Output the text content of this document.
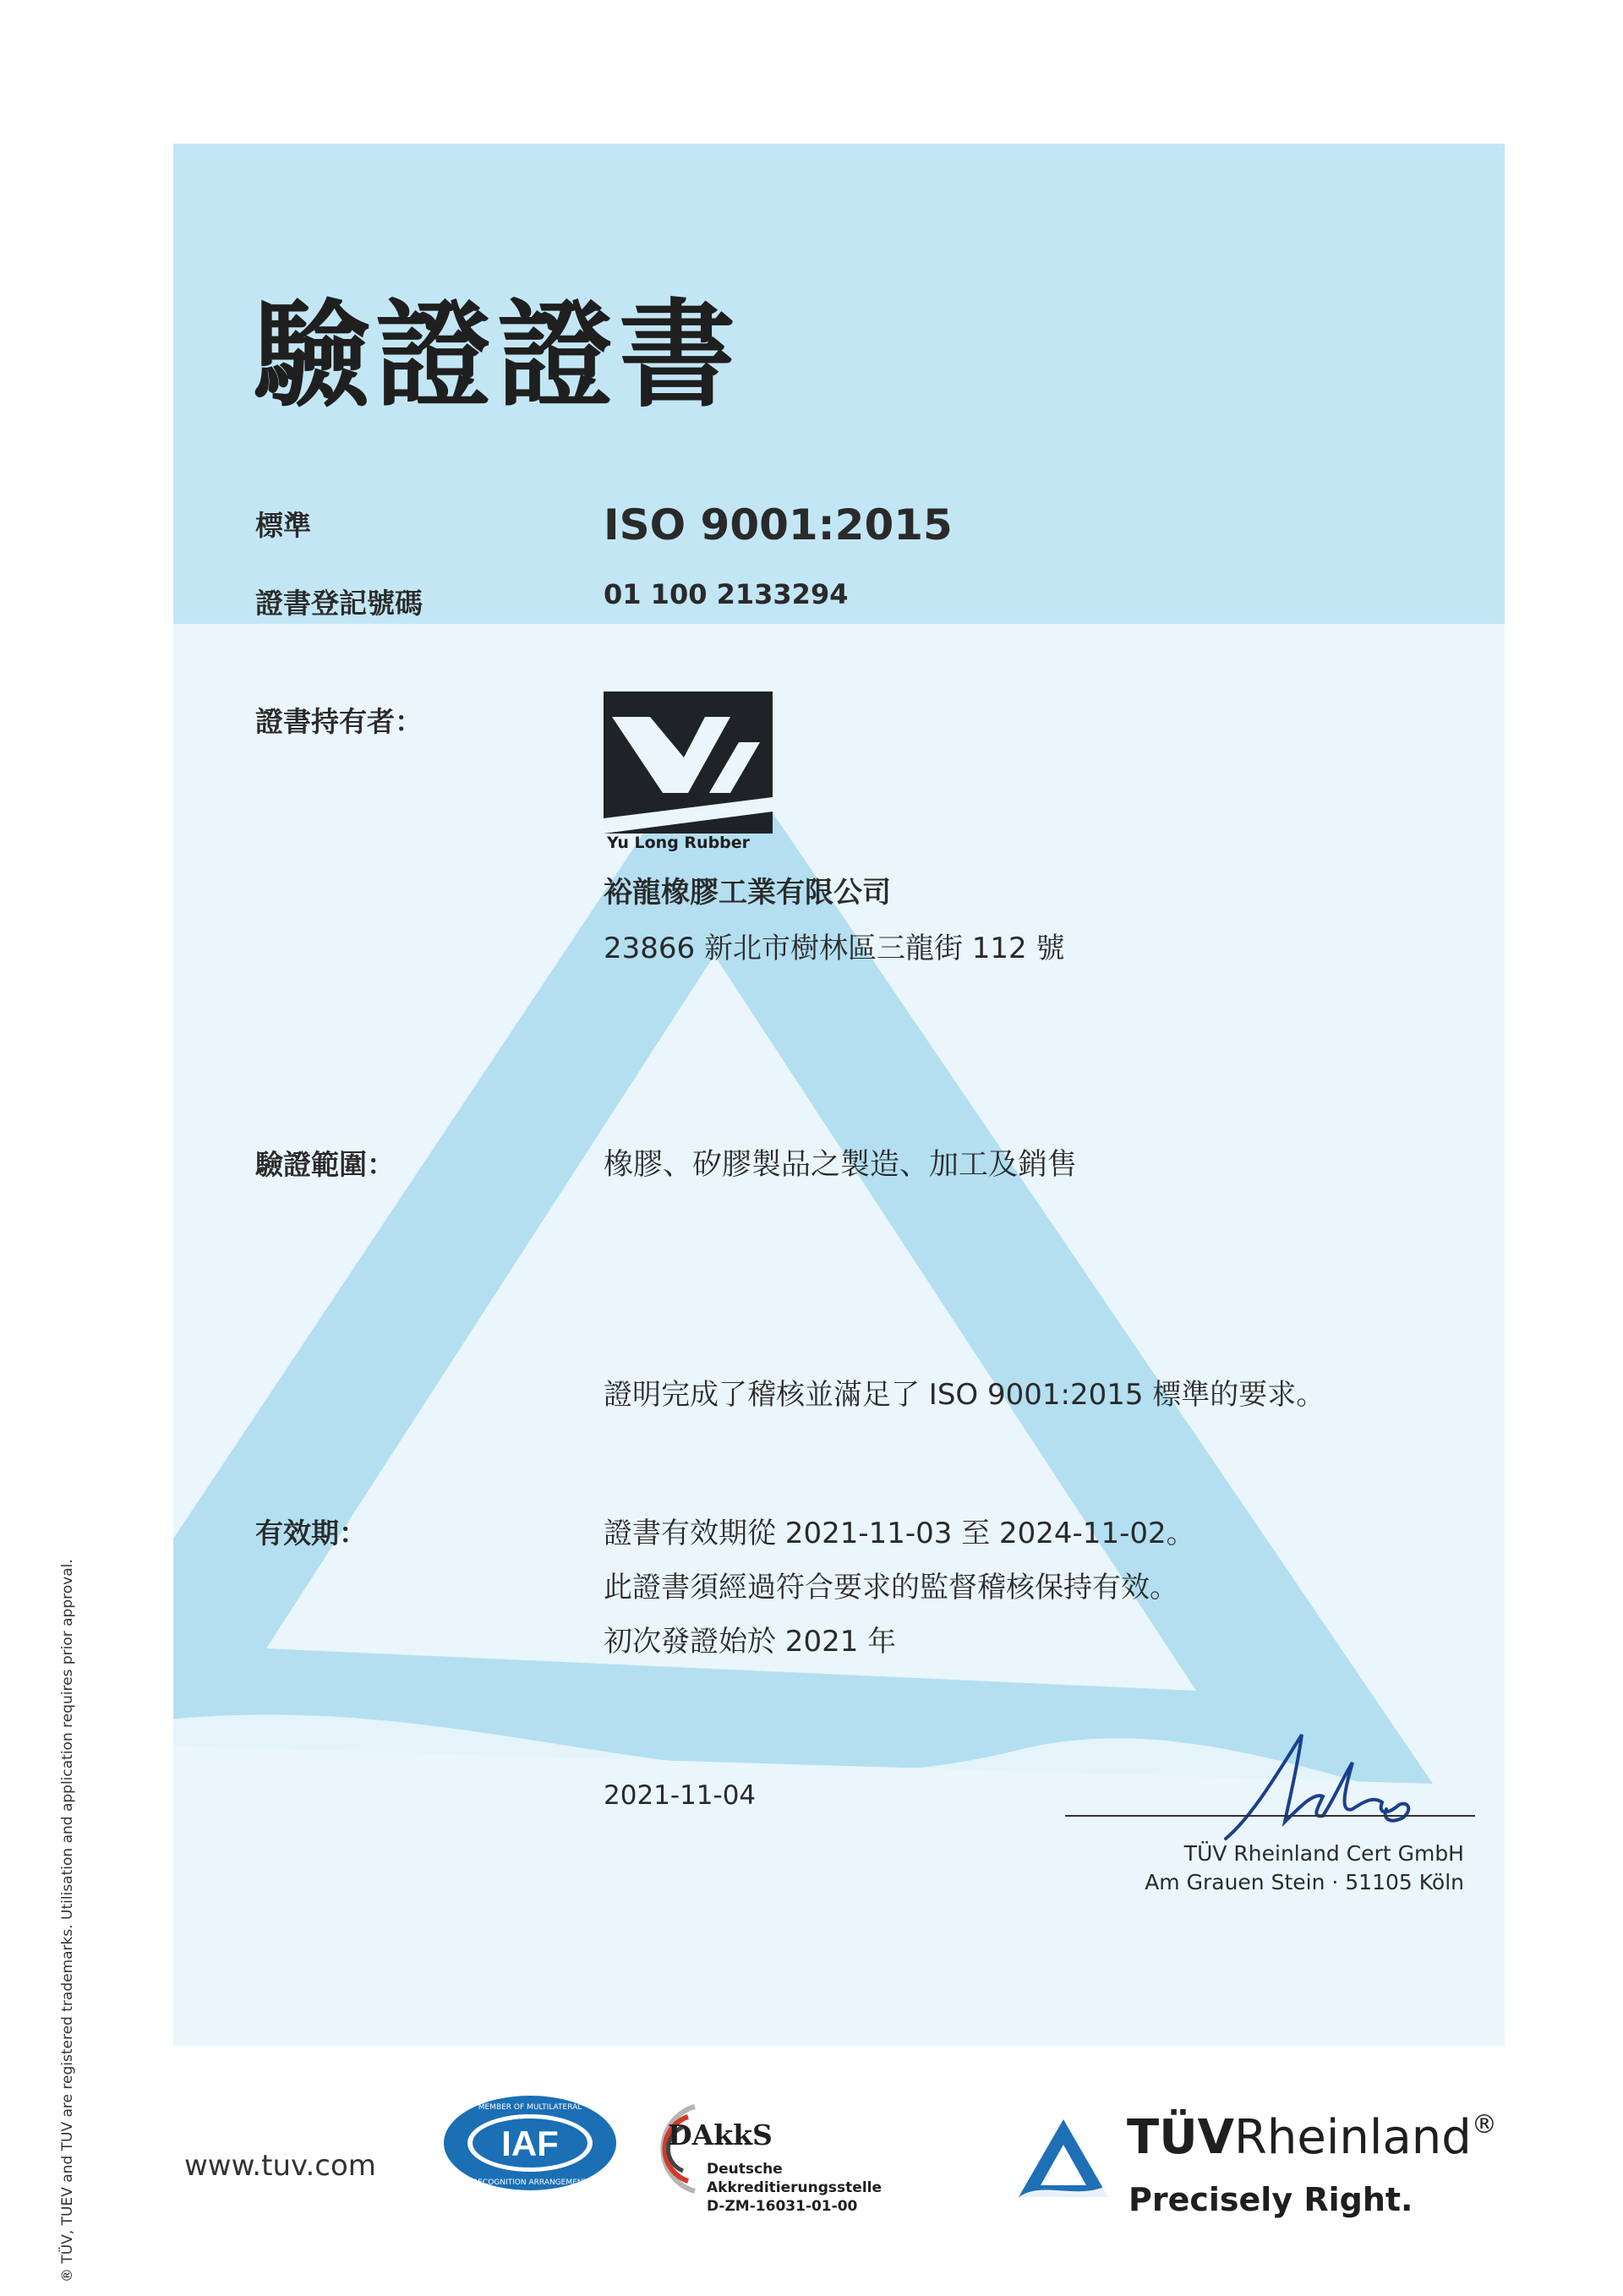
® TÜV, TUEV and TUV are registered trademarks. Utilisation and application requires prior approval.
驗證證書
標準	ISO 9001:2015
證書登記號碼	01 100 2133294
證書持有者：
Yu Long Rubber
裕龍橡膠工業有限公司
23866 新北市樹林區三龍街 112 號
驗證範圍：	橡膠、矽膠製品之製造、加工及銷售
證明完成了稽核並滿足了 ISO 9001:2015 標準的要求。
有效期：	證書有效期從 2021-11-03 至 2024-11-02。
此證書須經過符合要求的監督稽核保持有效。
初次發證始於 2021 年
2021-11-04
TÜV Rheinland Cert GmbH
Am Grauen Stein · 51105 Köln
www.tuv.com
IAF
MEMBER OF MULTILATERAL
RECOGNITION ARRANGEMENT
DAkkS
Deutsche
Akkreditierungsstelle
D-ZM-16031-01-00
TÜVRheinland®
Precisely Right.
